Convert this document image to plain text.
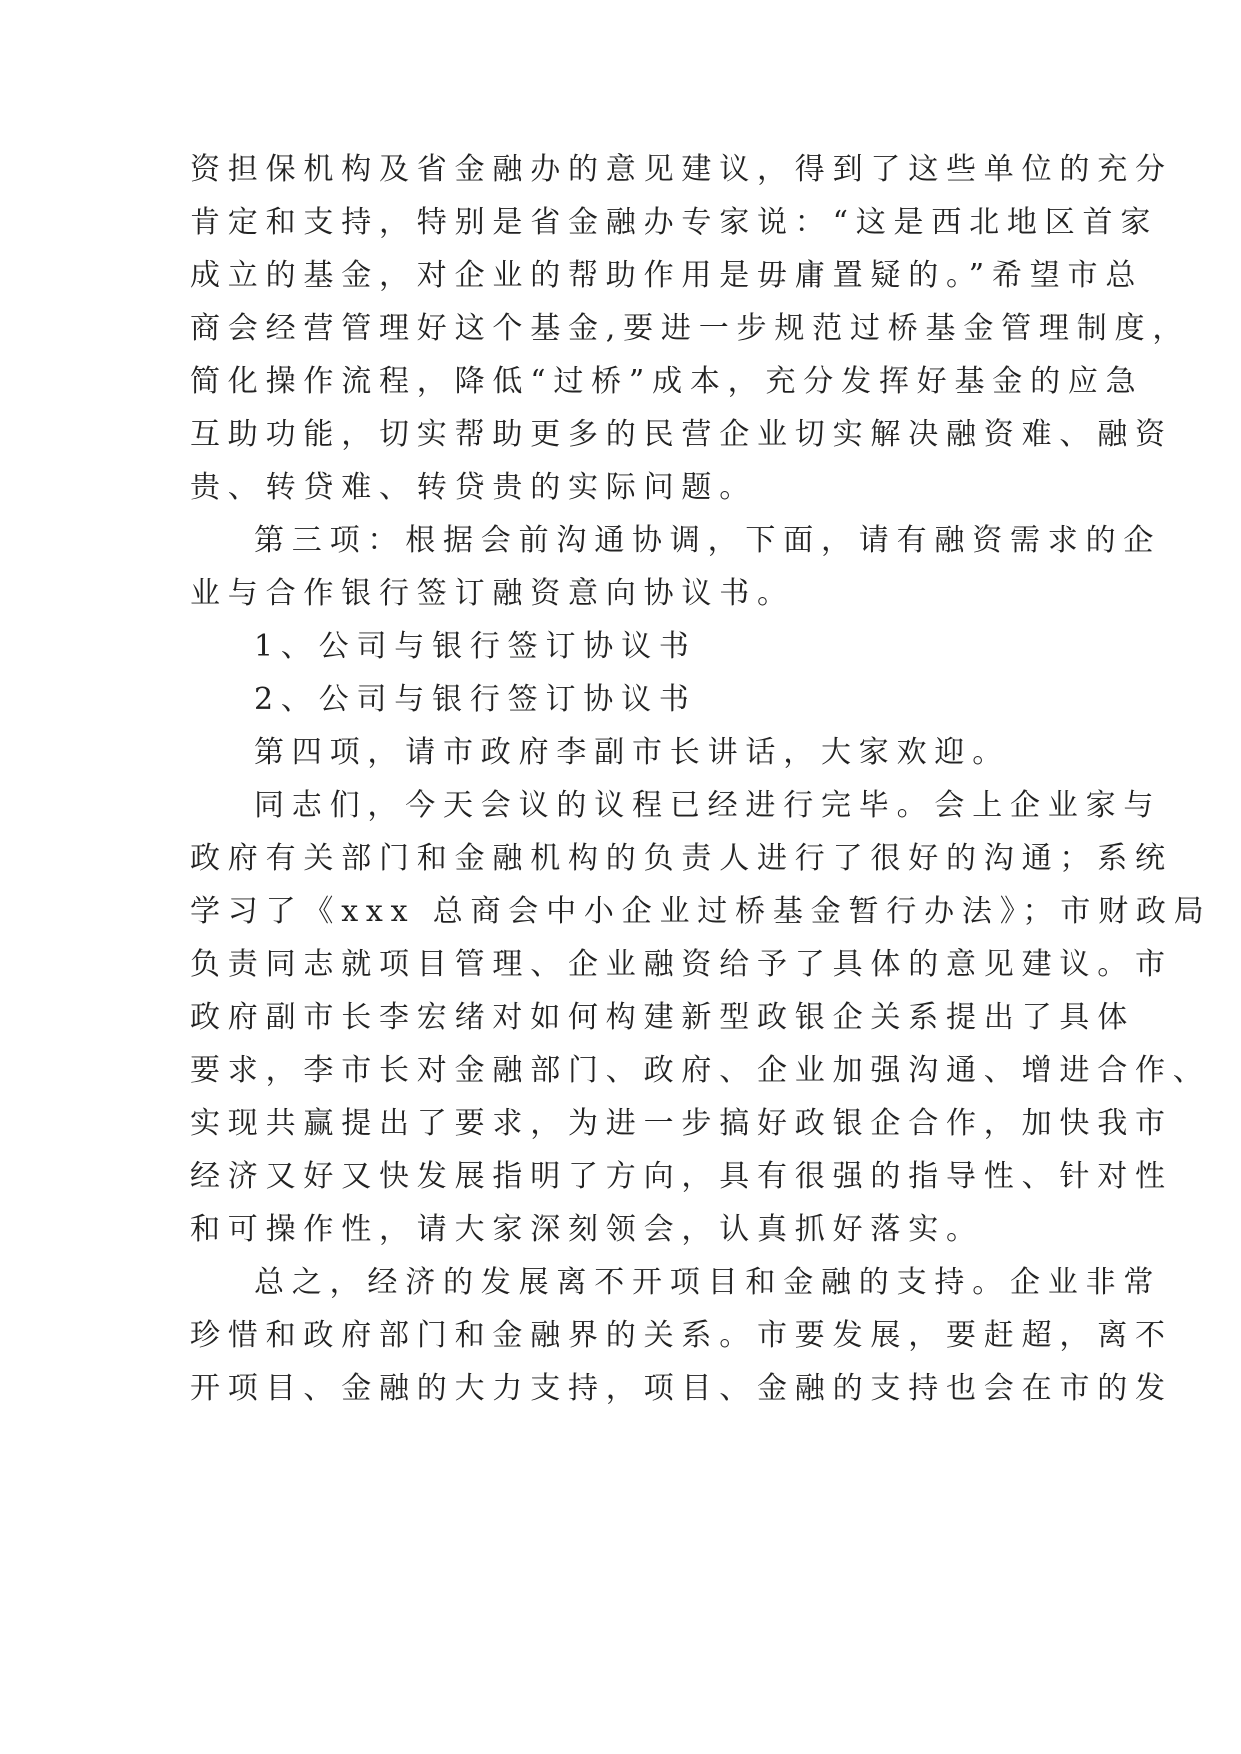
资担保机构及省金融办的意见建议，得到了这些单位的充分
肯定和支持，特别是省金融办专家说：“这是西北地区首家
成立的基金，对企业的帮助作用是毋庸置疑的。”希望市总
商会经营管理好这个基金,要进一步规范过桥基金管理制度，
简化操作流程，降低“过桥”成本，充分发挥好基金的应急
互助功能，切实帮助更多的民营企业切实解决融资难、融资
贵、转贷难、转贷贵的实际问题。
第三项：根据会前沟通协调，下面，请有融资需求的企
业与合作银行签订融资意向协议书。
1、公司与银行签订协议书
2、公司与银行签订协议书
第四项，请市政府李副市长讲话，大家欢迎。
同志们，今天会议的议程已经进行完毕。会上企业家与
政府有关部门和金融机构的负责人进行了很好的沟通；系统
学习了《xxx 总商会中小企业过桥基金暂行办法》；市财政局
负责同志就项目管理、企业融资给予了具体的意见建议。市
政府副市长李宏绪对如何构建新型政银企关系提出了具体
要求，李市长对金融部门、政府、企业加强沟通、增进合作、
实现共赢提出了要求，为进一步搞好政银企合作，加快我市
经济又好又快发展指明了方向，具有很强的指导性、针对性
和可操作性，请大家深刻领会，认真抓好落实。
总之，经济的发展离不开项目和金融的支持。企业非常
珍惜和政府部门和金融界的关系。市要发展，要赶超，离不
开项目、金融的大力支持，项目、金融的支持也会在市的发
